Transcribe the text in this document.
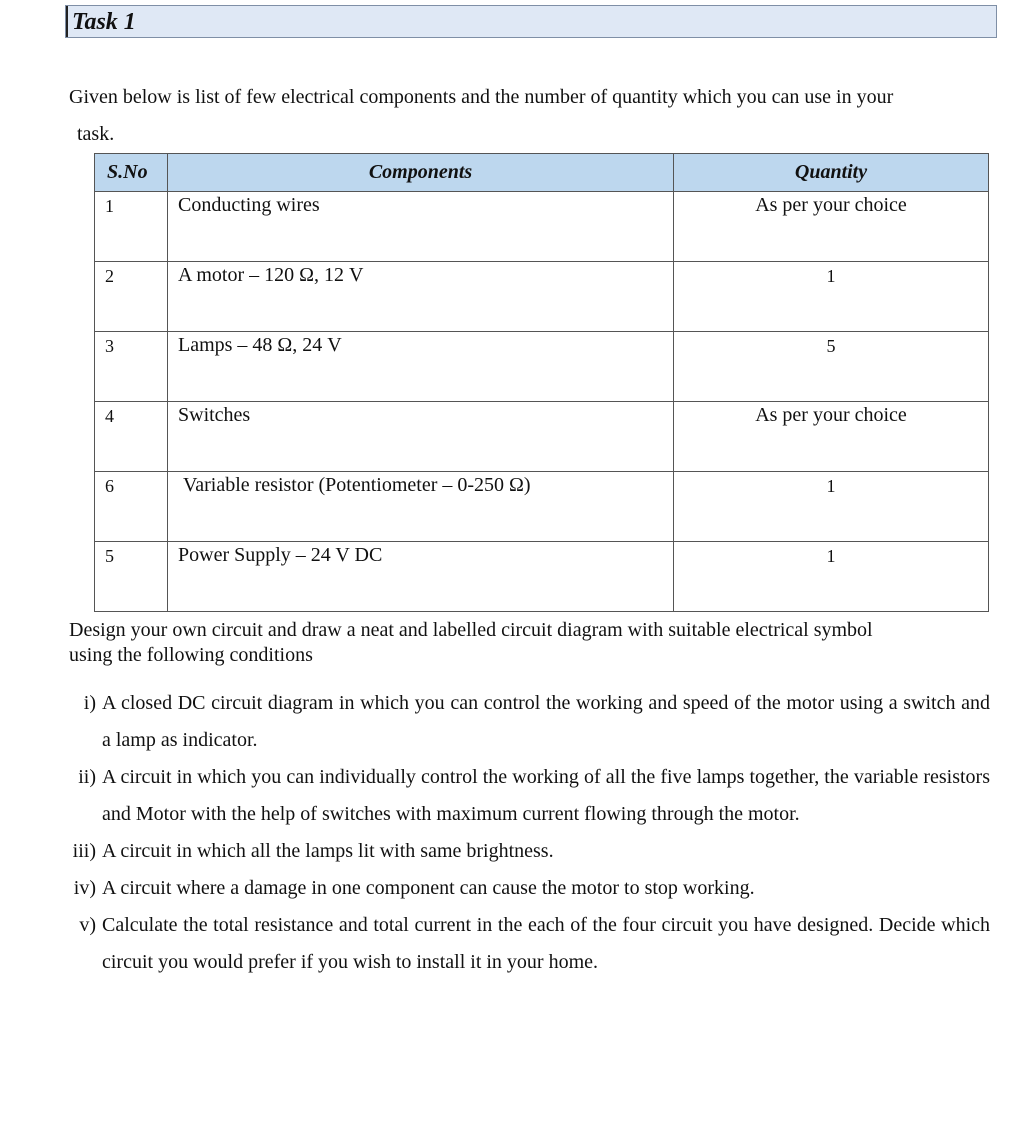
Task 1
Given below is list of few electrical components and the number of quantity which you can use in your

task.
S.No	Components	Quantity
1	Conducting wires	As per your choice
2	A motor – 120 Ω, 12 V	1
3	Lamps – 48 Ω, 24 V	5
4	Switches	As per your choice
6	Variable resistor (Potentiometer – 0-250 Ω)	1
5	Power Supply – 24 V DC	1
Design your own circuit and draw a neat and labelled circuit diagram with suitable electrical symbol
using the following conditions
i) A closed DC circuit diagram in which you can control the working and speed of the motor using a switch and a lamp as indicator.
ii) A circuit in which you can individually control the working of all the five lamps together, the variable resistors and Motor with the help of switches with maximum current flowing through the motor.
iii) A circuit in which all the lamps lit with same brightness.
iv) A circuit where a damage in one component can cause the motor to stop working.
v) Calculate the total resistance and total current in the each of the four circuit you have designed. Decide which circuit you would prefer if you wish to install it in your home.
